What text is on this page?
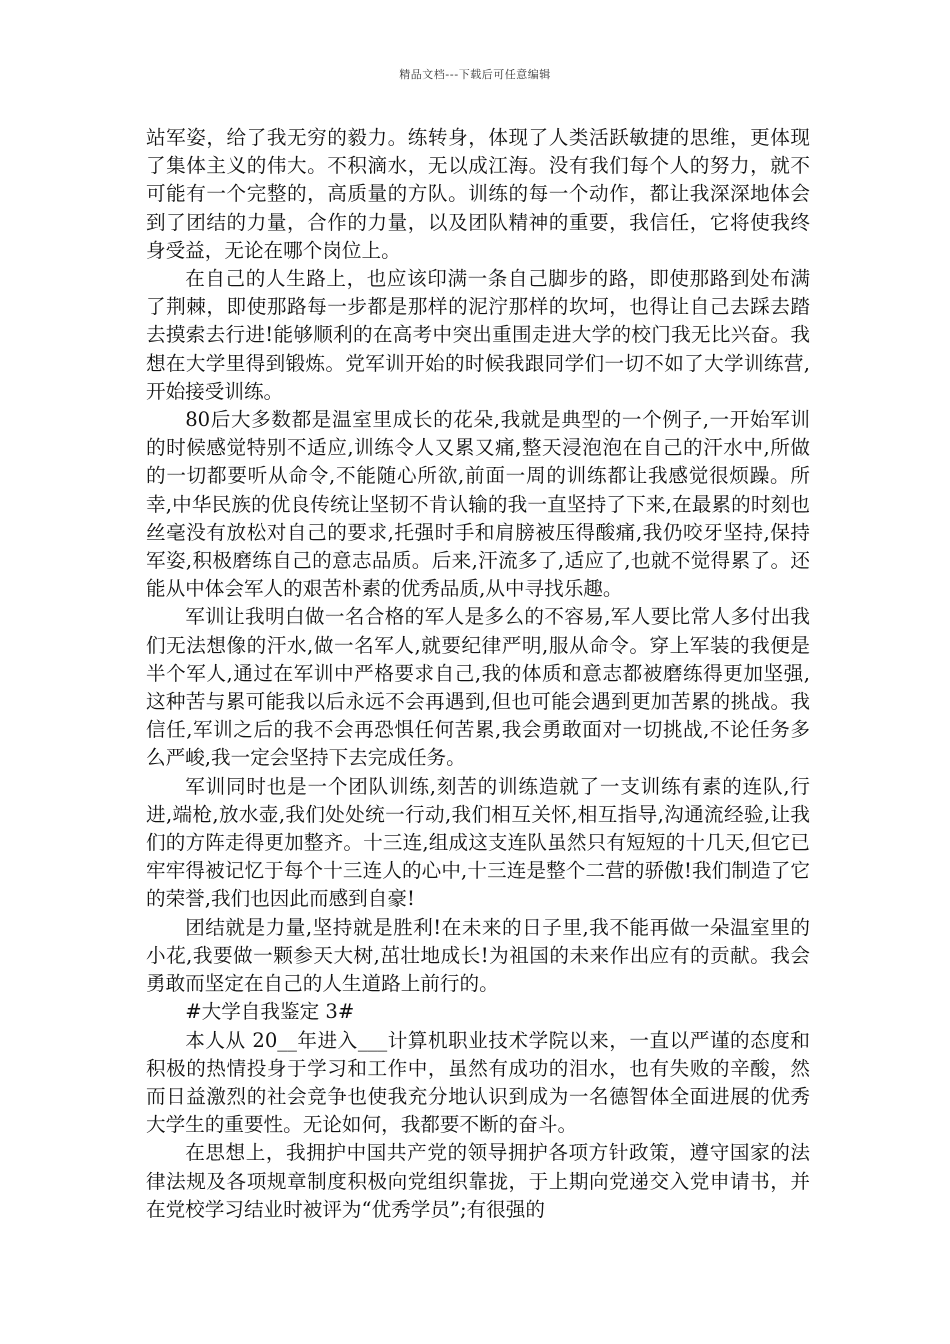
精品文档---下载后可任意编辑

站军姿，给了我无穷的毅力。练转身，体现了人类活跃敏捷的思维，更体现了集体主义的伟大。不积滴水，无以成江海。没有我们每个人的努力，就不可能有一个完整的，高质量的方队。训练的每一个动作，都让我深深地体会到了团结的力量，合作的力量，以及团队精神的重要，我信任，它将使我终身受益，无论在哪个岗位上。

在自己的人生路上，也应该印满一条自己脚步的路，即使那路到处布满了荆棘，即使那路每一步都是那样的泥泞那样的坎坷，也得让自己去踩去踏去摸索去行进!能够顺利的在高考中突出重围走进大学的校门我无比兴奋。我想在大学里得到锻炼。党军训开始的时候我跟同学们一切不如了大学训练营,开始接受训练。

80后大多数都是温室里成长的花朵,我就是典型的一个例子,一开始军训的时候感觉特别不适应,训练令人又累又痛,整天浸泡泡在自己的汗水中,所做的一切都要听从命令,不能随心所欲,前面一周的训练都让我感觉很烦躁。所幸,中华民族的优良传统让坚韧不肯认输的我一直坚持了下来,在最累的时刻也丝毫没有放松对自己的要求,托强时手和肩膀被压得酸痛,我仍咬牙坚持,保持军姿,积极磨练自己的意志品质。后来,汗流多了,适应了,也就不觉得累了。还能从中体会军人的艰苦朴素的优秀品质,从中寻找乐趣。

军训让我明白做一名合格的军人是多么的不容易,军人要比常人多付出我们无法想像的汗水,做一名军人,就要纪律严明,服从命令。穿上军装的我便是半个军人,通过在军训中严格要求自己,我的体质和意志都被磨练得更加坚强,这种苦与累可能我以后永远不会再遇到,但也可能会遇到更加苦累的挑战。我信任,军训之后的我不会再恐惧任何苦累,我会勇敢面对一切挑战,不论任务多么严峻,我一定会坚持下去完成任务。

军训同时也是一个团队训练,刻苦的训练造就了一支训练有素的连队,行进,端枪,放水壶,我们处处统一行动,我们相互关怀,相互指导,沟通流经验,让我们的方阵走得更加整齐。十三连,组成这支连队虽然只有短短的十几天,但它已牢牢得被记忆于每个十三连人的心中,十三连是整个二营的骄傲!我们制造了它的荣誉,我们也因此而感到自豪!

团结就是力量,坚持就是胜利!在未来的日子里,我不能再做一朵温室里的小花,我要做一颗参天大树,茁壮地成长!为祖国的未来作出应有的贡献。我会勇敢而坚定在自己的人生道路上前行的。

#大学自我鉴定 3#

本人从 20__年进入___计算机职业技术学院以来，一直以严谨的态度和积极的热情投身于学习和工作中，虽然有成功的泪水，也有失败的辛酸，然而日益激烈的社会竞争也使我充分地认识到成为一名德智体全面进展的优秀大学生的重要性。无论如何，我都要不断的奋斗。

在思想上，我拥护中国共产党的领导拥护各项方针政策，遵守国家的法律法规及各项规章制度积极向党组织靠拢，于上期向党递交入党申请书，并在党校学习结业时被评为“优秀学员”;有很强的
